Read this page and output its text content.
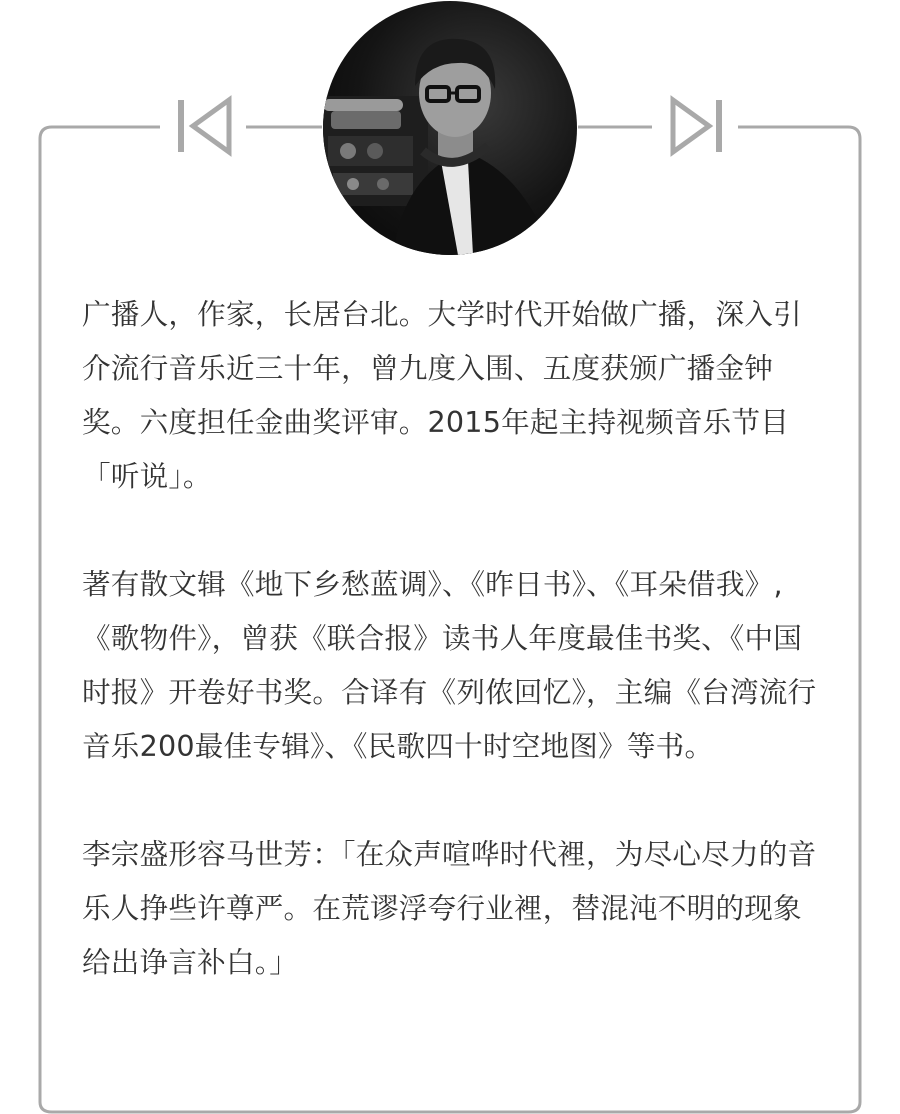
广播人，作家，长居台北。大学时代开始做广播，深入引介流行音乐近三十年，曾九度入围、五度获颁广播金钟奖。六度担任金曲奖评审。2015年起主持视频音乐节目「听说」。

著有散文辑《地下乡愁蓝调》、《昨日书》、《耳朵借我》,《歌物件》，曾获《联合报》读书人年度最佳书奖、《中国时报》开卷好书奖。合译有《列侬回忆》，主编《台湾流行音乐200最佳专辑》、《民歌四十时空地图》等书。

李宗盛形容马世芳：「在众声喧哗时代裡，为尽心尽力的音乐人挣些许尊严。在荒谬浮夸行业裡，替混沌不明的现象给出诤言补白。」
